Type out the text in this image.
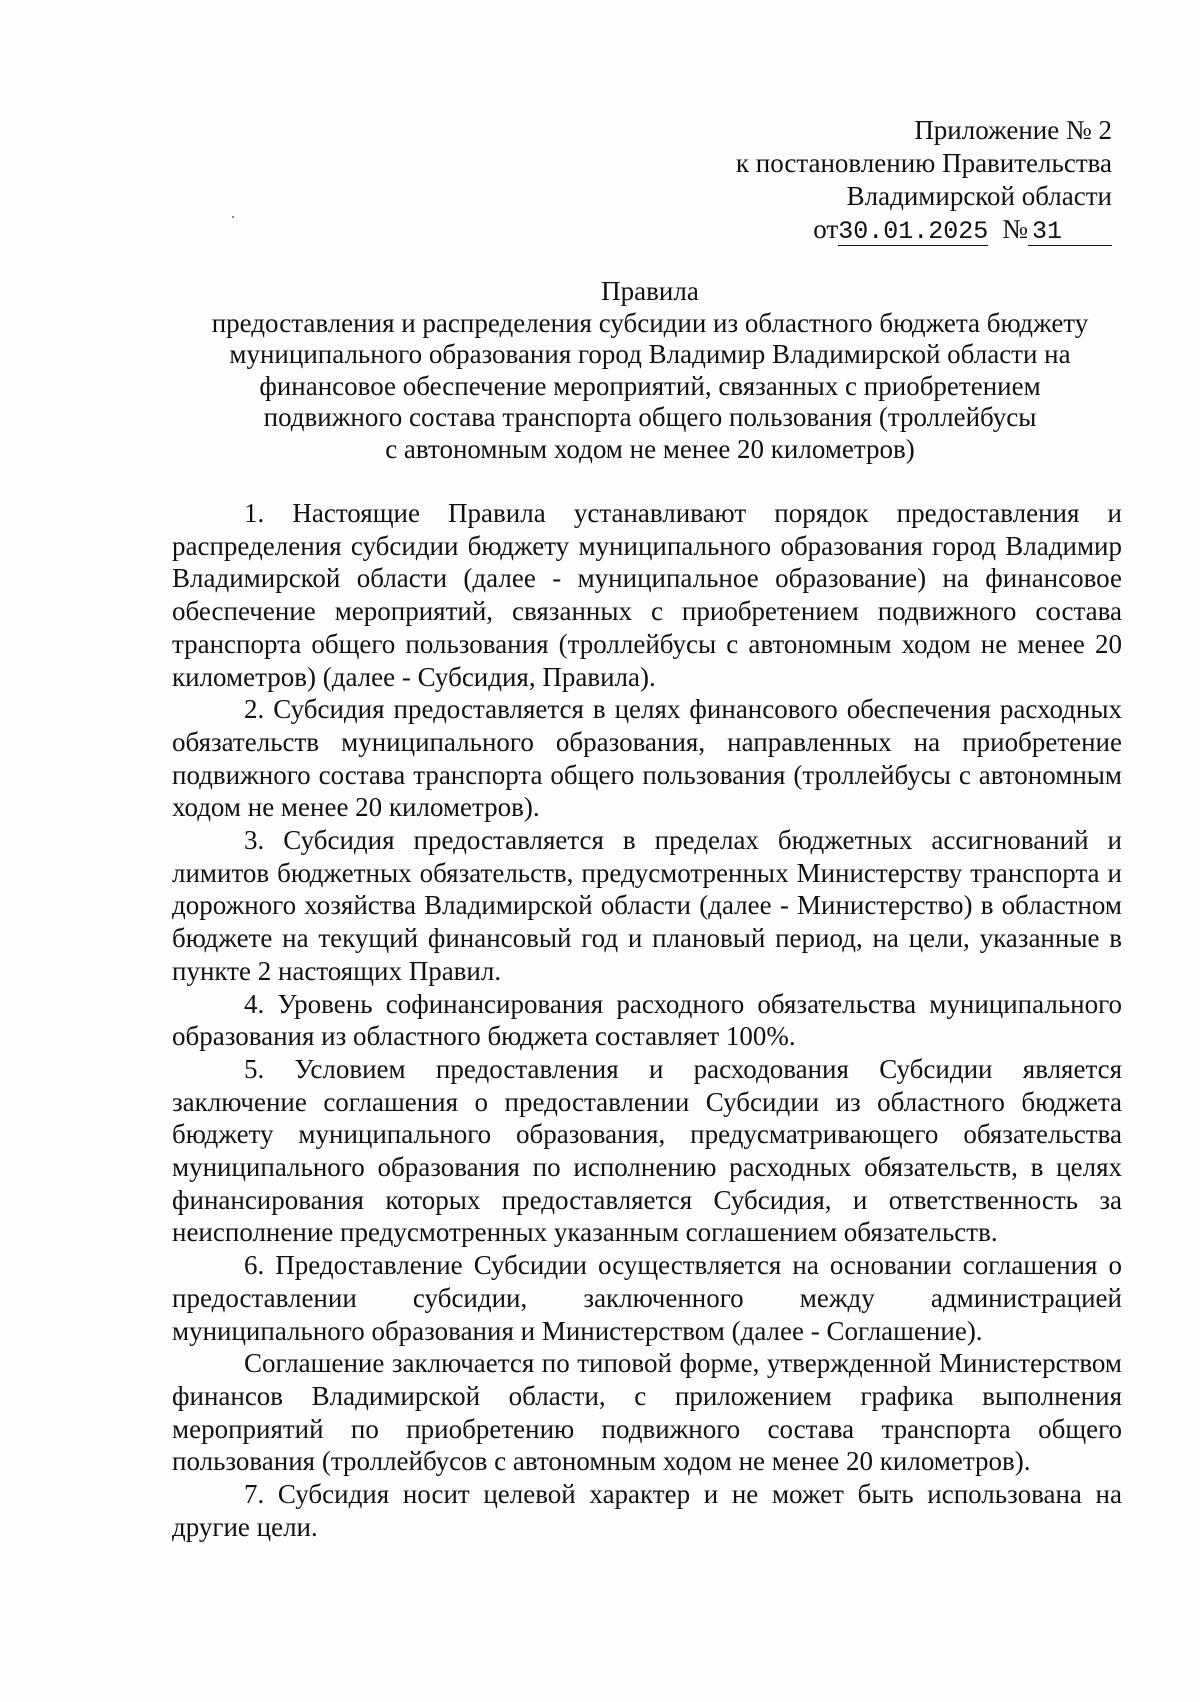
Приложение № 2
к постановлению Правительства
Владимирской области
от30.01.2025 № 31
Правила
предоставления и распределения субсидии из областного бюджета бюджету
муниципального образования город Владимир Владимирской области на
финансовое обеспечение мероприятий, связанных с приобретением
подвижного состава транспорта общего пользования (троллейбусы
с автономным ходом не менее 20 километров)

1. Настоящие Правила устанавливают порядок предоставления и распределения субсидии бюджету муниципального образования город Владимир Владимирской области (далее - муниципальное образование) на финансовое обеспечение мероприятий, связанных с приобретением подвижного состава транспорта общего пользования (троллейбусы с автономным ходом не менее 20 километров) (далее - Субсидия, Правила).

2. Субсидия предоставляется в целях финансового обеспечения расходных обязательств муниципального образования, направленных на приобретение подвижного состава транспорта общего пользования (троллейбусы с автономным ходом не менее 20 километров).

3. Субсидия предоставляется в пределах бюджетных ассигнований и лимитов бюджетных обязательств, предусмотренных Министерству транспорта и дорожного хозяйства Владимирской области (далее - Министерство) в областном бюджете на текущий финансовый год и плановый период, на цели, указанные в пункте 2 настоящих Правил.

4. Уровень софинансирования расходного обязательства муниципального образования из областного бюджета составляет 100%.

5. Условием предоставления и расходования Субсидии является заключение соглашения о предоставлении Субсидии из областного бюджета бюджету муниципального образования, предусматривающего обязательства муниципального образования по исполнению расходных обязательств, в целях финансирования которых предоставляется Субсидия, и ответственность за неисполнение предусмотренных указанным соглашением обязательств.

6. Предоставление Субсидии осуществляется на основании соглашения о предоставлении субсидии, заключенного между администрацией муниципального образования и Министерством (далее - Соглашение).

Соглашение заключается по типовой форме, утвержденной Министерством финансов Владимирской области, с приложением графика выполнения мероприятий по приобретению подвижного состава транспорта общего пользования (троллейбусов с автономным ходом не менее 20 километров).

7. Субсидия носит целевой характер и не может быть использована на другие цели.
